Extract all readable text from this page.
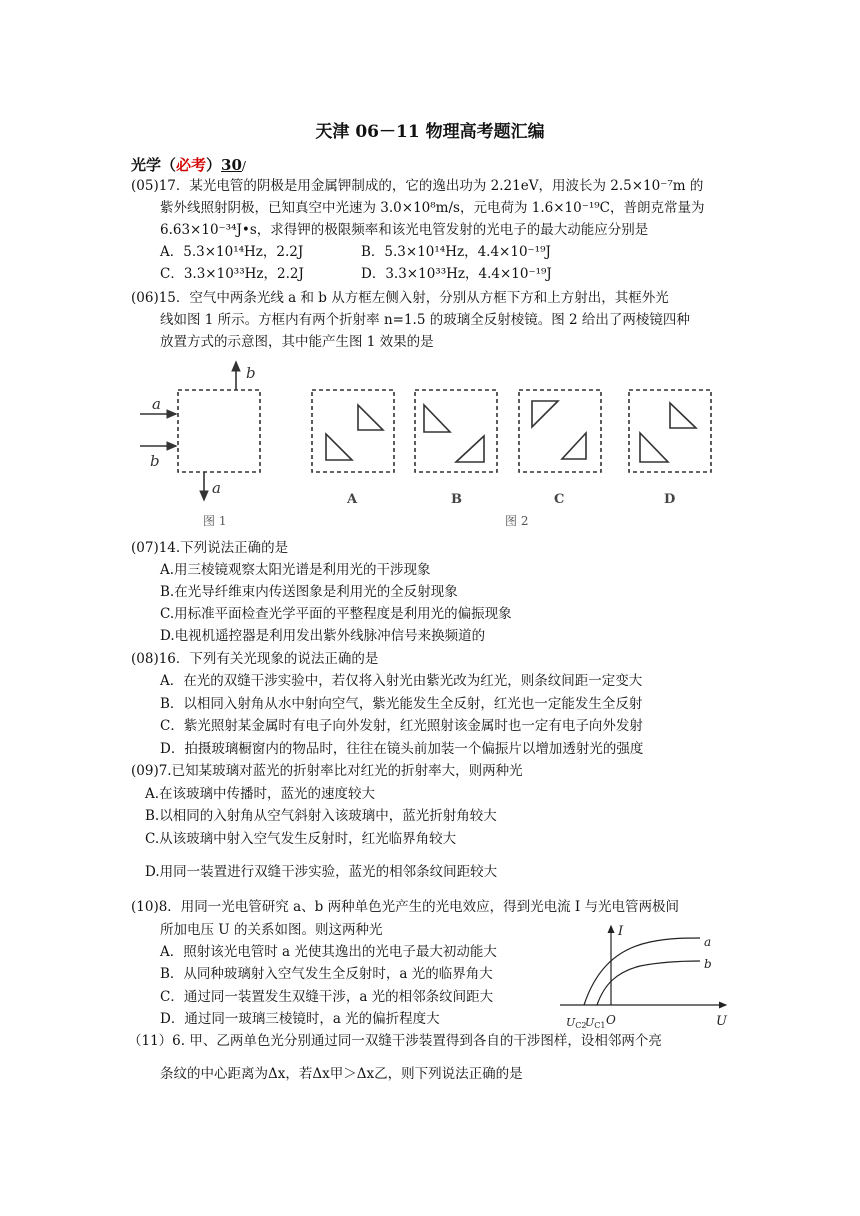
天津 06－11 物理高考题汇编
光学（必考）30/
(05)17．某光电管的阴极是用金属钾制成的，它的逸出功为 2.21eV，用波长为 2.5×10⁻⁷m 的
紫外线照射阴极，已知真空中光速为 3.0×10⁸m/s，元电荷为 1.6×10⁻¹⁹C，普朗克常量为
6.63×10⁻³⁴J•s，求得钾的极限频率和该光电管发射的光电子的最大动能应分别是
A．5.3×10¹⁴Hz，2.2J	B．5.3×10¹⁴Hz，4.4×10⁻¹⁹J
C．3.3×10³³Hz，2.2J	D．3.3×10³³Hz，4.4×10⁻¹⁹J
(06)15．空气中两条光线 a 和 b 从方框左侧入射，分别从方框下方和上方射出，其框外光
线如图 1 所示。方框内有两个折射率 n=1.5 的玻璃全反射棱镜。图 2 给出了两棱镜四种
放置方式的示意图，其中能产生图 1 效果的是
a
b
b
a
图 1
A	B	C	D
图 2
(07)14.下列说法正确的是
A.用三棱镜观察太阳光谱是利用光的干涉现象
B.在光导纤维束内传送图象是利用光的全反射现象
C.用标准平面检查光学平面的平整程度是利用光的偏振现象
D.电视机遥控器是利用发出紫外线脉冲信号来换频道的
(08)16．下列有关光现象的说法正确的是
A．在光的双缝干涉实验中，若仅将入射光由紫光改为红光，则条纹间距一定变大
B．以相同入射角从水中射向空气，紫光能发生全反射，红光也一定能发生全反射
C．紫光照射某金属时有电子向外发射，红光照射该金属时也一定有电子向外发射
D．拍摄玻璃橱窗内的物品时，往往在镜头前加装一个偏振片以增加透射光的强度
(09)7.已知某玻璃对蓝光的折射率比对红光的折射率大，则两种光
A.在该玻璃中传播时，蓝光的速度较大
B.以相同的入射角从空气斜射入该玻璃中，蓝光折射角较大
C.从该玻璃中射入空气发生反射时，红光临界角较大
D.用同一装置进行双缝干涉实验，蓝光的相邻条纹间距较大
(10)8．用同一光电管研究 a、b 两种单色光产生的光电效应，得到光电流 I 与光电管两极间
所加电压 U 的关系如图。则这两种光
A．照射该光电管时 a 光使其逸出的光电子最大初动能大
B．从同种玻璃射入空气发生全反射时，a 光的临界角大
C．通过同一装置发生双缝干涉，a 光的相邻条纹间距大
D．通过同一玻璃三棱镜时，a 光的偏折程度大
I
U
O
a
b
UC2
UC1
（11）6. 甲、乙两单色光分别通过同一双缝干涉装置得到各自的干涉图样，设相邻两个亮
条纹的中心距离为Δx，若Δx甲＞Δx乙，则下列说法正确的是
